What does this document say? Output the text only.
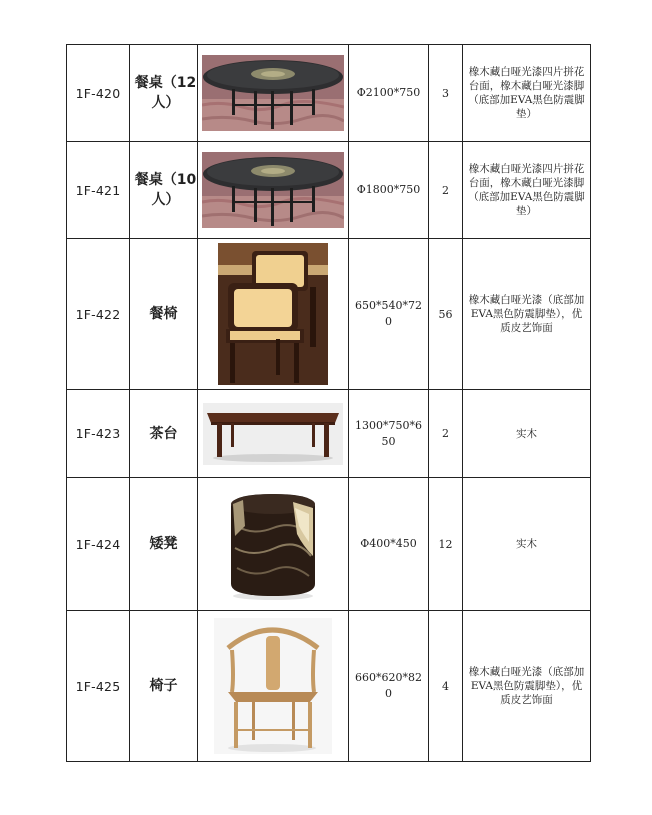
1F-420	餐桌（12人）		Φ2100*750	3	橡木藏白哑光漆四片拼花台面，橡木藏白哑光漆脚（底部加EVA黑色防震脚垫）
1F-421	餐桌（10人）		Φ1800*750	2	橡木藏白哑光漆四片拼花台面，橡木藏白哑光漆脚（底部加EVA黑色防震脚垫）
1F-422	餐椅		650*540*720	56	橡木藏白哑光漆（底部加EVA黑色防震脚垫），优质皮艺饰面
1F-423	茶台		1300*750*650	2	实木
1F-424	矮凳		Φ400*450	12	实木
1F-425	椅子		660*620*820	4	橡木藏白哑光漆（底部加EVA黑色防震脚垫），优质皮艺饰面
